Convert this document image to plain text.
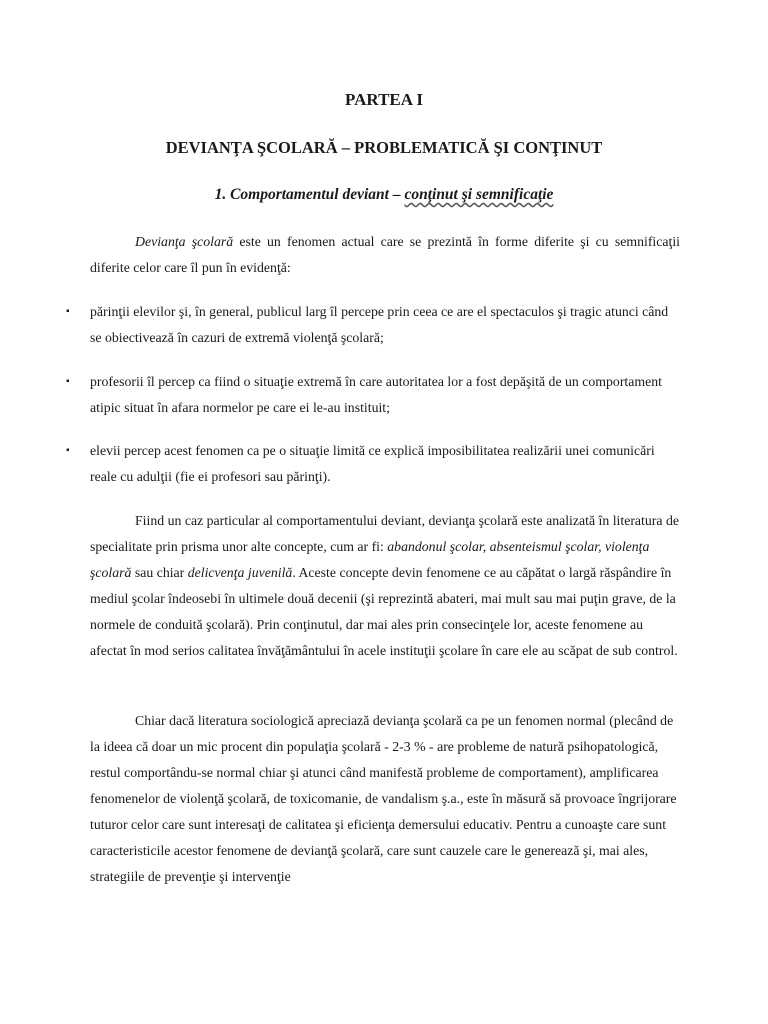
PARTEA I
DEVIANŢA ŞCOLARĂ – PROBLEMATICĂ ŞI CONŢINUT
1. Comportamentul deviant – conţinut şi semnificaţie

Devianţa şcolară este un fenomen actual care se prezintă în forme diferite şi cu semnificaţii diferite celor care îl pun în evidenţă:

▪ părinţii elevilor şi, în general, publicul larg îl percepe prin ceea ce are el spectaculos şi tragic atunci când se obiectivează în cazuri de extremă violenţă şcolară;

▪ profesorii îl percep ca fiind o situaţie extremă în care autoritatea lor a fost depăşită de un comportament atipic situat în afara normelor pe care ei le-au instituit;

▪ elevii percep acest fenomen ca pe o situaţie limită ce explică imposibilitatea realizării unei comunicări reale cu adulţii (fie ei profesori sau părinţi).

Fiind un caz particular al comportamentului deviant, devianţa şcolară este analizată în literatura de specialitate prin prisma unor alte concepte, cum ar fi: abandonul şcolar, absenteismul şcolar, violenţa şcolară sau chiar delicvenţa juvenilă. Aceste concepte devin fenomene ce au căpătat o largă răspândire în mediul şcolar îndeosebi în ultimele două decenii (şi reprezintă abateri, mai mult sau mai puţin grave, de la normele de conduită şcolară). Prin conţinutul, dar mai ales prin consecinţele lor, aceste fenomene au afectat în mod serios calitatea învăţământului în acele instituţii şcolare în care ele au scăpat de sub control.

Chiar dacă literatura sociologică apreciază devianţa şcolară ca pe un fenomen normal (plecând de la ideea că doar un mic procent din populaţia şcolară - 2-3 % - are probleme de natură psihopatologică, restul comportându-se normal chiar şi atunci când manifestă probleme de comportament), amplificarea fenomenelor de violenţă şcolară, de toxicomanie, de vandalism ş.a., este în măsură să provoace îngrijorare tuturor celor care sunt interesaţi de calitatea şi eficienţa demersului educativ. Pentru a cunoaşte care sunt caracteristicile acestor fenomene de devianţă şcolară, care sunt cauzele care le generează şi, mai ales, strategiile de prevenţie şi intervenţie
